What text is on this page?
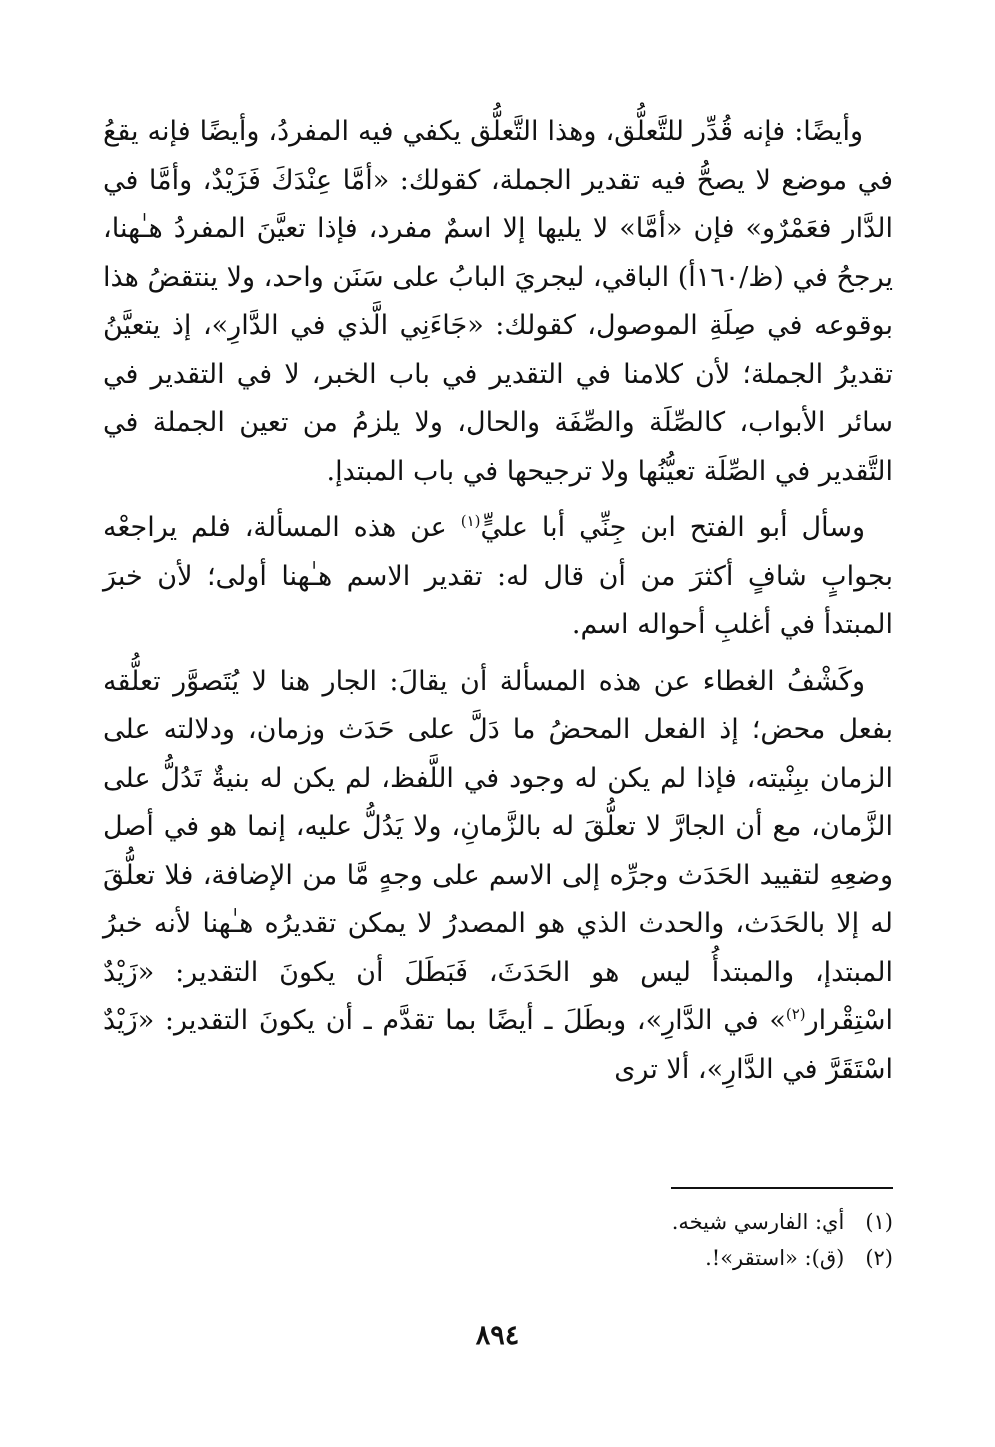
وأيضًا: فإنه قُدِّر للتَّعلُّق، وهذا التَّعلُّق يكفي فيه المفردُ، وأيضًا فإنه يقعُ في موضع لا يصحُّ فيه تقدير الجملة، كقولك: «أمَّا عِنْدَكَ فَزَيْدٌ، وأمَّا في الدَّار فعَمْرٌو» فإن «أمَّا» لا يليها إلا اسمٌ مفرد، فإذا تعيَّنَ المفردُ هـٰهنا، يرجحُ في (ظ/١٦٠أ) الباقي، ليجريَ البابُ على سَنَن واحد، ولا ينتقضُ هذا بوقوعه في صِلَةِ الموصول، كقولك: «جَاءَنِي الَّذي في الدَّارِ»، إذ يتعيَّنُ تقديرُ الجملة؛ لأن كلامنا في التقدير في باب الخبر، لا في التقدير في سائر الأبواب، كالصِّلَة والصِّفَة والحال، ولا يلزمُ من تعين الجملة في التَّقدير في الصِّلَة تعيُّنُها ولا ترجيحها في باب المبتدإ.

وسأل أبو الفتح ابن جِنِّي أبا عليٍّ$^{(١)}$ عن هذه المسألة، فلم يراجعْه بجوابٍ شافٍ أكثرَ من أن قال له: تقدير الاسم هـٰهنا أولى؛ لأن خبرَ المبتدأ في أغلبِ أحواله اسم.

وكَشْفُ الغطاء عن هذه المسألة أن يقالَ: الجار هنا لا يُتَصوَّر تعلُّقه بفعل محض؛ إذ الفعل المحضُ ما دَلَّ على حَدَث وزمان، ودلالته على الزمان ببِنْيته، فإذا لم يكن له وجود في اللَّفظ، لم يكن له بنيةٌ تَدُلُّ على الزَّمان، مع أن الجارَّ لا تعلُّقَ له بالزَّمانِ، ولا يَدُلُّ عليه، إنما هو في أصل وضعِهِ لتقييد الحَدَث وجرِّه إلى الاسم على وجهٍ مَّا من الإضافة، فلا تعلُّقَ له إلا بالحَدَث، والحدث الذي هو المصدرُ لا يمكن تقديرُه هـٰهنا لأنه خبرُ المبتدإ، والمبتدأُ ليس هو الحَدَثَ، فَبَطَلَ أن يكونَ التقدير: «زَيْدٌ اسْتِقْرار$^{(٢)}$» في الدَّارِ»، وبطَلَ ـ أيضًا بما تقدَّم ـ أن يكونَ التقدير: «زَيْدٌ اسْتَقَرَّ في الدَّارِ»، ألا ترى

(١) أي: الفارسي شيخه.

(٢) (ق): «استقر»!.

٨٩٤
